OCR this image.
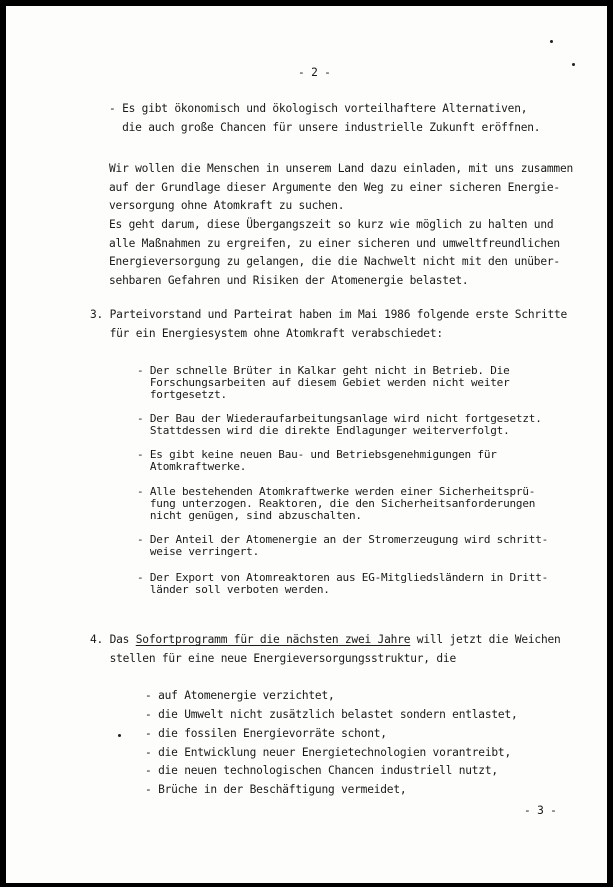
- 2 -
- Es gibt ökonomisch und ökologisch vorteilhaftere Alternativen,
die auch große Chancen für unsere industrielle Zukunft eröffnen.
Wir wollen die Menschen in unserem Land dazu einladen, mit uns zusammen
auf der Grundlage dieser Argumente den Weg zu einer sicheren Energie-
versorgung ohne Atomkraft zu suchen.
Es geht darum, diese Übergangszeit so kurz wie möglich zu halten und
alle Maßnahmen zu ergreifen, zu einer sicheren und umweltfreundlichen
Energieversorgung zu gelangen, die die Nachwelt nicht mit den unüber-
sehbaren Gefahren und Risiken der Atomenergie belastet.
3. Parteivorstand und Parteirat haben im Mai 1986 folgende erste Schritte
für ein Energiesystem ohne Atomkraft verabschiedet:
- Der schnelle Brüter in Kalkar geht nicht in Betrieb. Die
Forschungsarbeiten auf diesem Gebiet werden nicht weiter
fortgesetzt.
- Der Bau der Wiederaufarbeitungsanlage wird nicht fortgesetzt.
Stattdessen wird die direkte Endlagunger weiterverfolgt.
- Es gibt keine neuen Bau- und Betriebsgenehmigungen für
Atomkraftwerke.
- Alle bestehenden Atomkraftwerke werden einer Sicherheitsprü-
fung unterzogen. Reaktoren, die den Sicherheitsanforderungen
nicht genügen, sind abzuschalten.
- Der Anteil der Atomenergie an der Stromerzeugung wird schritt-
weise verringert.
- Der Export von Atomreaktoren aus EG-Mitgliedsländern in Dritt-
länder soll verboten werden.
4. Das Sofortprogramm für die nächsten zwei Jahre will jetzt die Weichen
stellen für eine neue Energieversorgungsstruktur, die
- auf Atomenergie verzichtet,
- die Umwelt nicht zusätzlich belastet sondern entlastet,
- die fossilen Energievorräte schont,
- die Entwicklung neuer Energietechnologien vorantreibt,
- die neuen technologischen Chancen industriell nutzt,
- Brüche in der Beschäftigung vermeidet,
- 3 -
